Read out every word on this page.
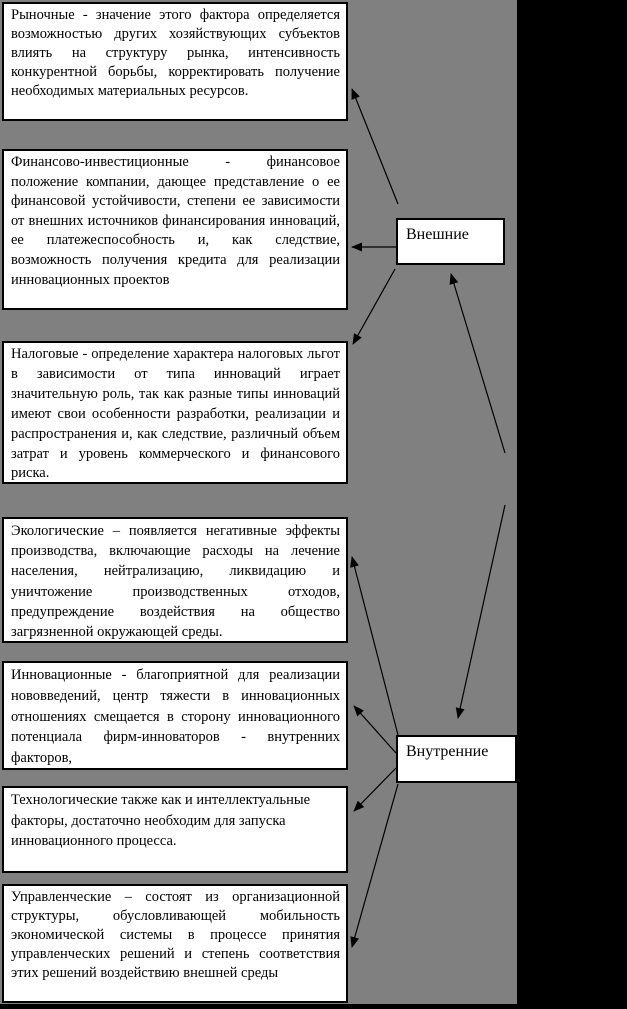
Рыночные - значение этого фактора определяется возможностью других хозяйствующих субъектов влиять на структуру рынка, интенсивность конкурентной борьбы, корректировать получение необходимых материальных ресурсов.
Финансово-инвестиционные - финансовое положение компании, дающее представление о ее финансовой устойчивости, степени ее зависимости от внешних источников финансирования инноваций, ее платежеспособность и, как следствие, возможность получения кредита для реализации инновационных проектов
Налоговые - определение характера налоговых льгот в зависимости от типа инноваций играет значительную роль, так как разные типы инноваций имеют свои особенности разработки, реализации и распространения и, как следствие, различный объем затрат и уровень коммерческого и финансового риска.
Экологические – появляется негативные эффекты производства, включающие расходы на лечение населения, нейтрализацию, ликвидацию и уничтожение производственных отходов, предупреждение воздействия на общество загрязненной окружающей среды.
Инновационные - благоприятной для реализации нововведений, центр тяжести в инновационных отношениях смещается в сторону инновационного потенциала фирм-инноваторов - внутренних факторов,
Технологические также как и интеллектуальные факторы, достаточно необходим для запуска инновационного процесса.
Управленческие – состоят из организационной структуры, обусловливающей мобильность экономической системы в процессе принятия управленческих решений и степень соответствия этих решений воздействию внешней среды
Внешние
Внутренние
